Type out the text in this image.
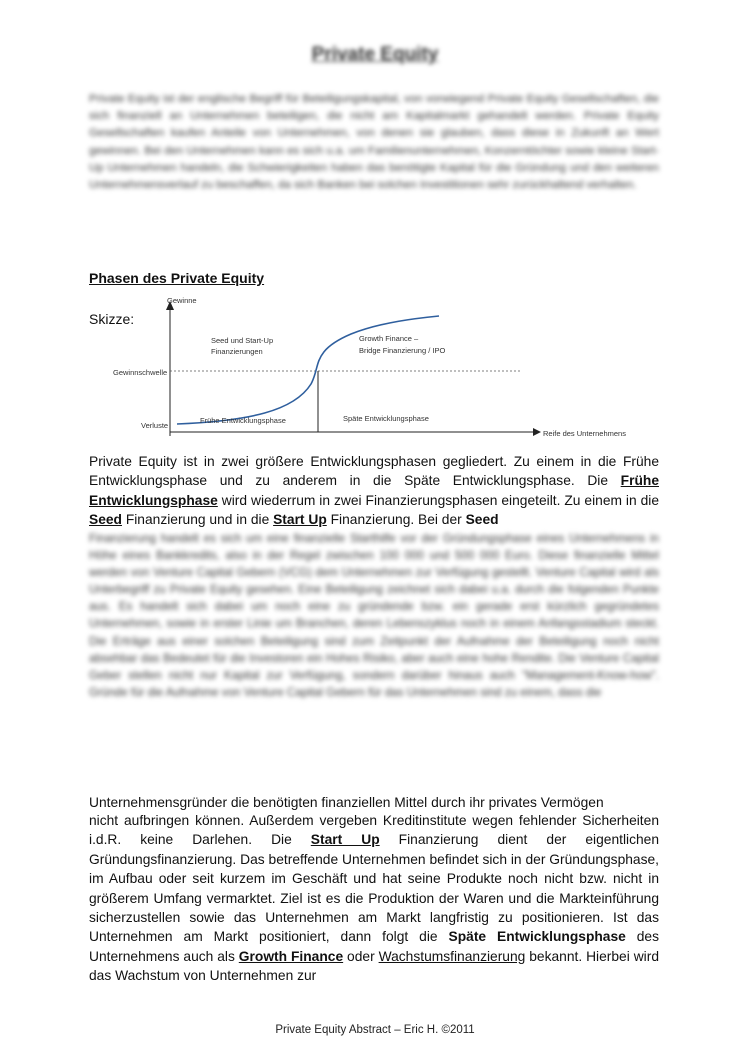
Private Equity
Private Equity ist der englische Begriff für Beteiligungskapital, von vorwiegend Private Equity Gesellschaften, die sich finanziell an Unternehmen beteiligen, die nicht am Kapitalmarkt gehandelt werden. Private Equity Gesellschaften kaufen Anteile von Unternehmen, von denen sie glauben, dass diese in Zukunft an Wert gewinnen. Bei den Unternehmen kann es sich u.a. um Familienunternehmen, Konzerntöchter sowie kleine Start-Up Unternehmen handeln, die Schwierigkeiten haben das benötigte Kapital für die Gründung und den weiteren Unternehmensverlauf zu beschaffen, da sich Banken bei solchen Investitionen sehr zurückhaltend verhalten.
Phasen des Private Equity
Skizze:
Gewinne
Gewinnschwelle
Verluste
Reife des Unternehmens
Seed und Start-Up
Finanzierungen
Growth Finance –
Bridge Finanzierung / IPO
Frühe Entwicklungsphase	Späte Entwicklungsphase
Private Equity ist in zwei größere Entwicklungsphasen gegliedert. Zu einem in die Frühe Entwicklungsphase und zu anderem in die Späte Entwicklungsphase. Die Frühe Entwicklungsphase wird wiederrum in zwei Finanzierungsphasen eingeteilt. Zu einem in die Seed Finanzierung und in die Start Up Finanzierung. Bei der Seed
Finanzierung handelt es sich um eine finanzielle Starthilfe vor der Gründungsphase eines Unternehmens in Höhe eines Bankkredits, also in der Regel zwischen 100 000 und 500 000 Euro. Diese finanzielle Mittel werden von Venture Capital Gebern (VCG) dem Unternehmen zur Verfügung gestellt. Venture Capital wird als Unterbegriff zu Private Equity gesehen. Eine Beteiligung zeichnet sich dabei u.a. durch die folgenden Punkte aus. Es handelt sich dabei um noch eine zu gründende bzw. ein gerade erst kürzlich gegründetes Unternehmen, sowie in erster Linie um Branchen, deren Lebenszyklus noch in einem Anfangsstadium steckt. Die Erträge aus einer solchen Beteiligung sind zum Zeitpunkt der Aufnahme der Beteiligung noch nicht absehbar das Bedeutet für die Investoren ein Hohes Risiko, aber auch eine hohe Rendite. Die Venture Capital Geber stellen nicht nur Kapital zur Verfügung, sondern darüber hinaus auch "Management-Know-how". Gründe für die Aufnahme von Venture Capital Gebern für das Unternehmen sind zu einem, dass die
Unternehmensgründer die benötigten finanziellen Mittel durch ihr privates Vermögen
nicht aufbringen können. Außerdem vergeben Kreditinstitute wegen fehlender Sicherheiten i.d.R. keine Darlehen. Die Start Up Finanzierung dient der eigentlichen Gründungsfinanzierung. Das betreffende Unternehmen befindet sich in der Gründungsphase, im Aufbau oder seit kurzem im Geschäft und hat seine Produkte noch nicht bzw. nicht in größerem Umfang vermarktet. Ziel ist es die Produktion der Waren und die Markteinführung sicherzustellen sowie das Unternehmen am Markt langfristig zu positionieren. Ist das Unternehmen am Markt positioniert, dann folgt die Späte Entwicklungsphase des Unternehmens auch als Growth Finance oder Wachstumsfinanzierung bekannt. Hierbei wird das Wachstum von Unternehmen zur
Private Equity Abstract – Eric H. ©2011
